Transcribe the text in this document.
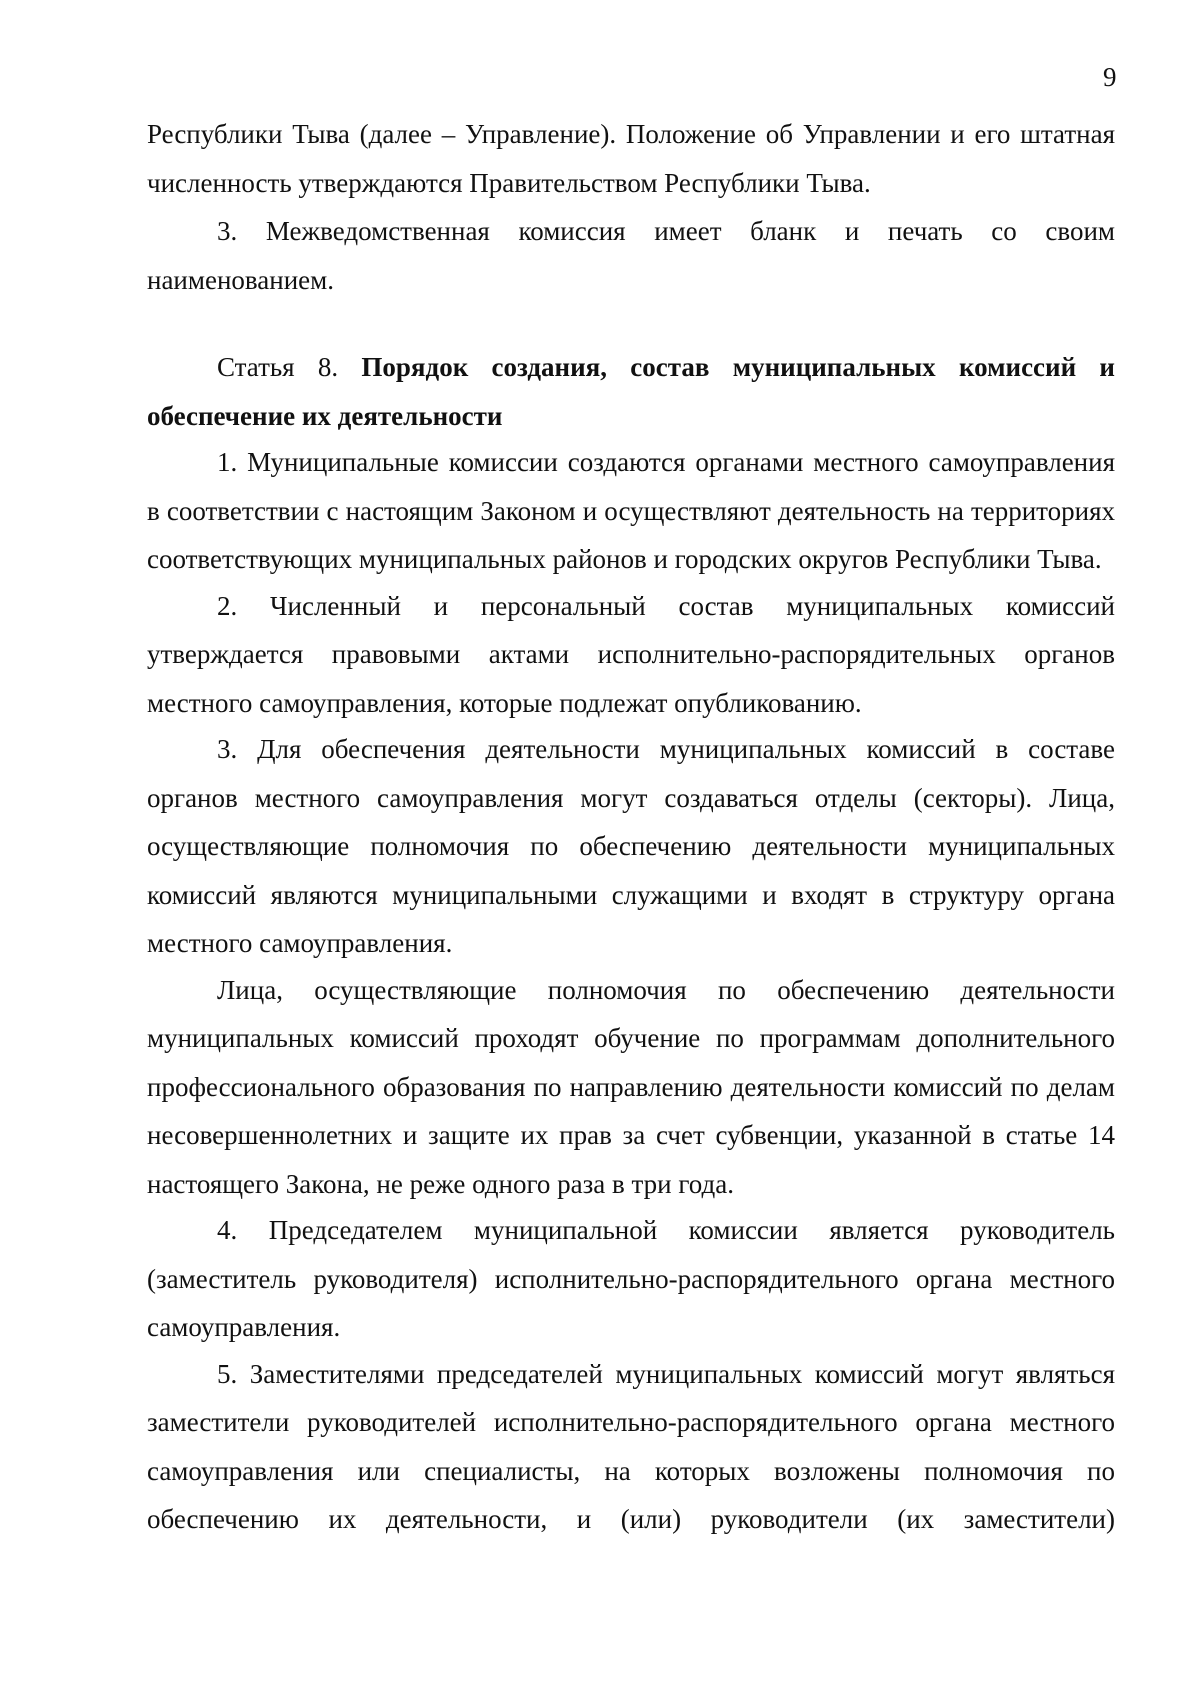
9

Республики Тыва (далее – Управление). Положение об Управлении и его штатная численность утверждаются Правительством Республики Тыва.

3. Межведомственная комиссия имеет бланк и печать со своим наименованием.

Статья 8. Порядок создания, состав муниципальных комиссий и обеспечение их деятельности

1. Муниципальные комиссии создаются органами местного самоуправления в соответствии с настоящим Законом и осуществляют деятельность на территориях соответствующих муниципальных районов и городских округов Республики Тыва.

2. Численный и персональный состав муниципальных комиссий утверждается правовыми актами исполнительно-распорядительных органов местного самоуправления, которые подлежат опубликованию.

3. Для обеспечения деятельности муниципальных комиссий в составе органов местного самоуправления могут создаваться отделы (секторы). Лица, осуществляющие полномочия по обеспечению деятельности муниципальных комиссий являются муниципальными служащими и входят в структуру органа местного самоуправления.

Лица, осуществляющие полномочия по обеспечению деятельности муниципальных комиссий проходят обучение по программам дополнительного профессионального образования по направлению деятельности комиссий по делам несовершеннолетних и защите их прав за счет субвенции, указанной в статье 14 настоящего Закона, не реже одного раза в три года.

4. Председателем муниципальной комиссии является руководитель (заместитель руководителя) исполнительно-распорядительного органа местного самоуправления.

5. Заместителями председателей муниципальных комиссий могут являться заместители руководителей исполнительно-распорядительного органа местного самоуправления или специалисты, на которых возложены полномочия по обеспечению их деятельности, и (или) руководители (их заместители)
